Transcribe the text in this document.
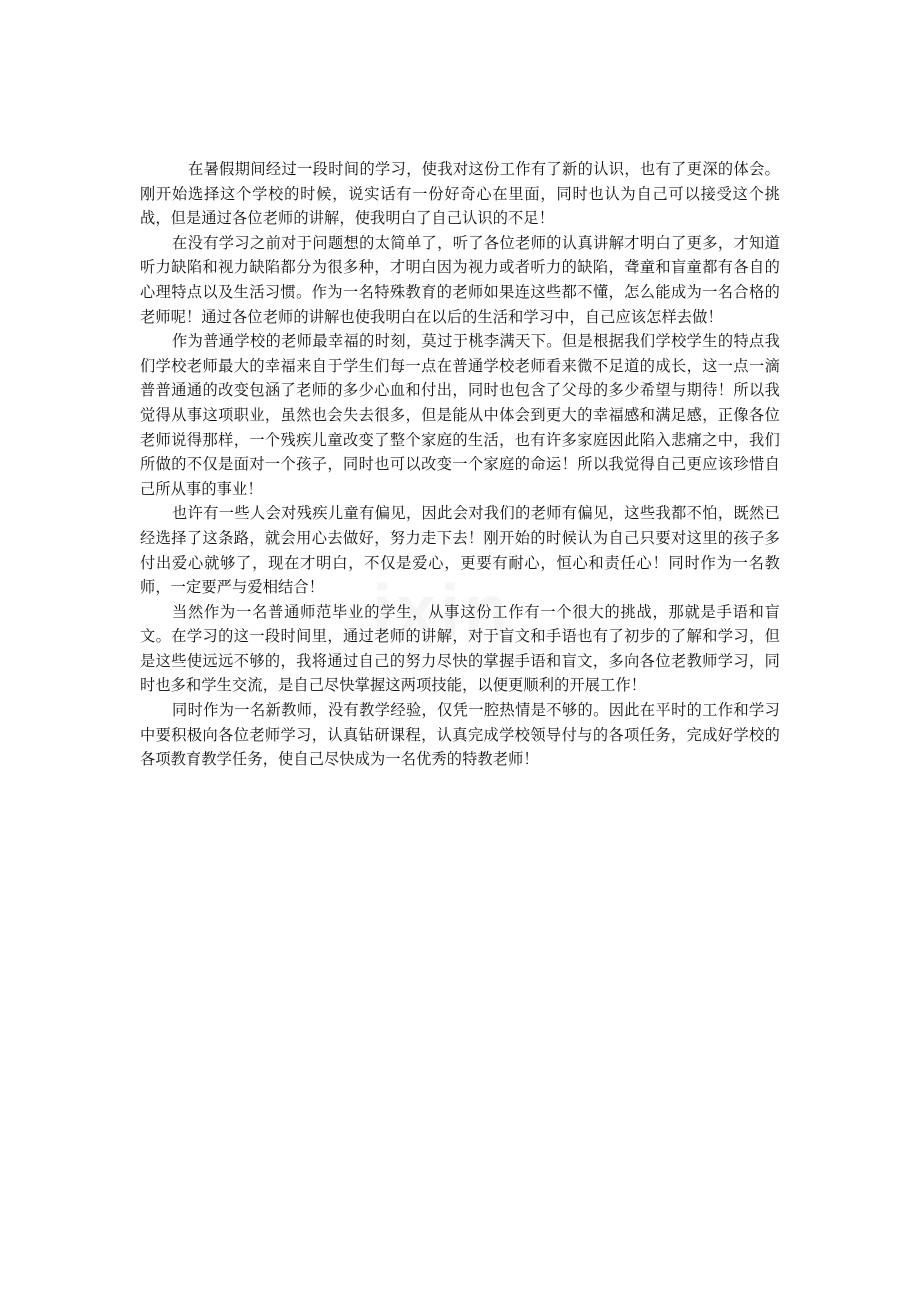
在暑假期间经过一段时间的学习，使我对这份工作有了新的认识，也有了更深的体会。刚开始选择这个学校的时候，说实话有一份好奇心在里面，同时也认为自己可以接受这个挑战，但是通过各位老师的讲解，使我明白了自己认识的不足！

在没有学习之前对于问题想的太简单了，听了各位老师的认真讲解才明白了更多，才知道听力缺陷和视力缺陷都分为很多种，才明白因为视力或者听力的缺陷，聋童和盲童都有各自的心理特点以及生活习惯。作为一名特殊教育的老师如果连这些都不懂，怎么能成为一名合格的老师呢！通过各位老师的讲解也使我明白在以后的生活和学习中，自己应该怎样去做！

作为普通学校的老师最幸福的时刻，莫过于桃李满天下。但是根据我们学校学生的特点我们学校老师最大的幸福来自于学生们每一点在普通学校老师看来微不足道的成长，这一点一滴普普通通的改变包涵了老师的多少心血和付出，同时也包含了父母的多少希望与期待！所以我觉得从事这项职业，虽然也会失去很多，但是能从中体会到更大的幸福感和满足感，正像各位老师说得那样，一个残疾儿童改变了整个家庭的生活，也有许多家庭因此陷入悲痛之中，我们所做的不仅是面对一个孩子，同时也可以改变一个家庭的命运！所以我觉得自己更应该珍惜自己所从事的事业！

也许有一些人会对残疾儿童有偏见，因此会对我们的老师有偏见，这些我都不怕，既然已经选择了这条路，就会用心去做好，努力走下去！刚开始的时候认为自己只要对这里的孩子多付出爱心就够了，现在才明白，不仅是爱心，更要有耐心，恒心和责任心！同时作为一名教师，一定要严与爱相结合！

当然作为一名普通师范毕业的学生，从事这份工作有一个很大的挑战，那就是手语和盲文。在学习的这一段时间里，通过老师的讲解，对于盲文和手语也有了初步的了解和学习，但是这些使远远不够的，我将通过自己的努力尽快的掌握手语和盲文，多向各位老教师学习，同时也多和学生交流，是自己尽快掌握这两项技能，以便更顺利的开展工作！

同时作为一名新教师，没有教学经验，仅凭一腔热情是不够的。因此在平时的工作和学习中要积极向各位老师学习，认真钻研课程，认真完成学校领导付与的各项任务，完成好学校的各项教育教学任务，使自己尽快成为一名优秀的特教老师！
